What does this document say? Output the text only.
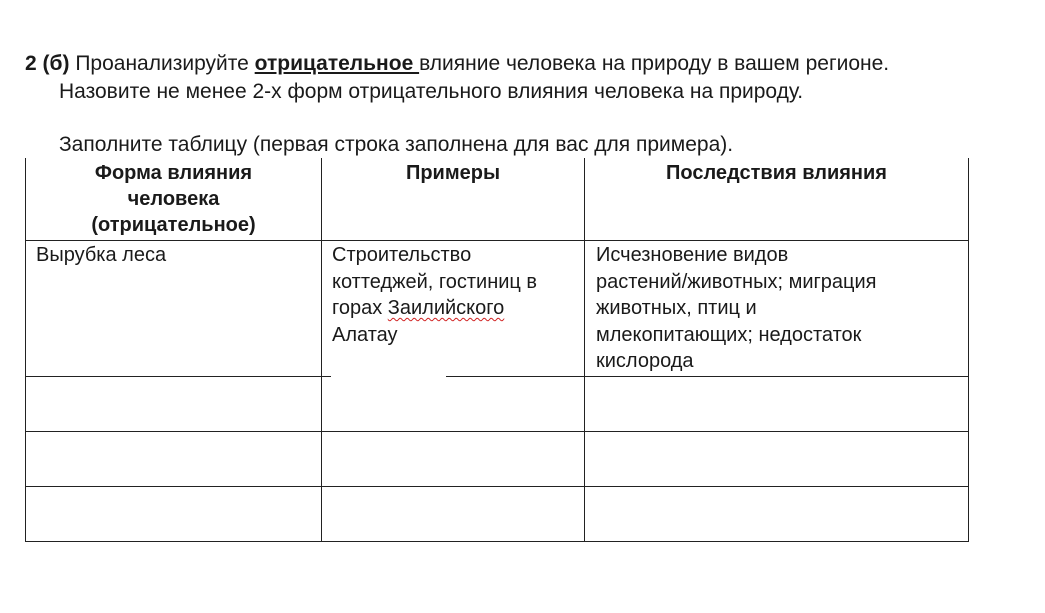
2 (б) Проанализируйте отрицательное влияние человека на природу в вашем регионе.
Назовите не менее 2-х форм отрицательного влияния человека на природу.
Заполните таблицу (первая строка заполнена для вас для примера).
Форма влияния
человека
(отрицательное)
Примеры	Последствия влияния
Вырубка леса	Строительство
коттеджей, гостиниц в
горах Заилийского
Алатау
Исчезновение видов
растений/животных; миграция
животных, птиц и
млекопитающих; недостаток
кислорода
